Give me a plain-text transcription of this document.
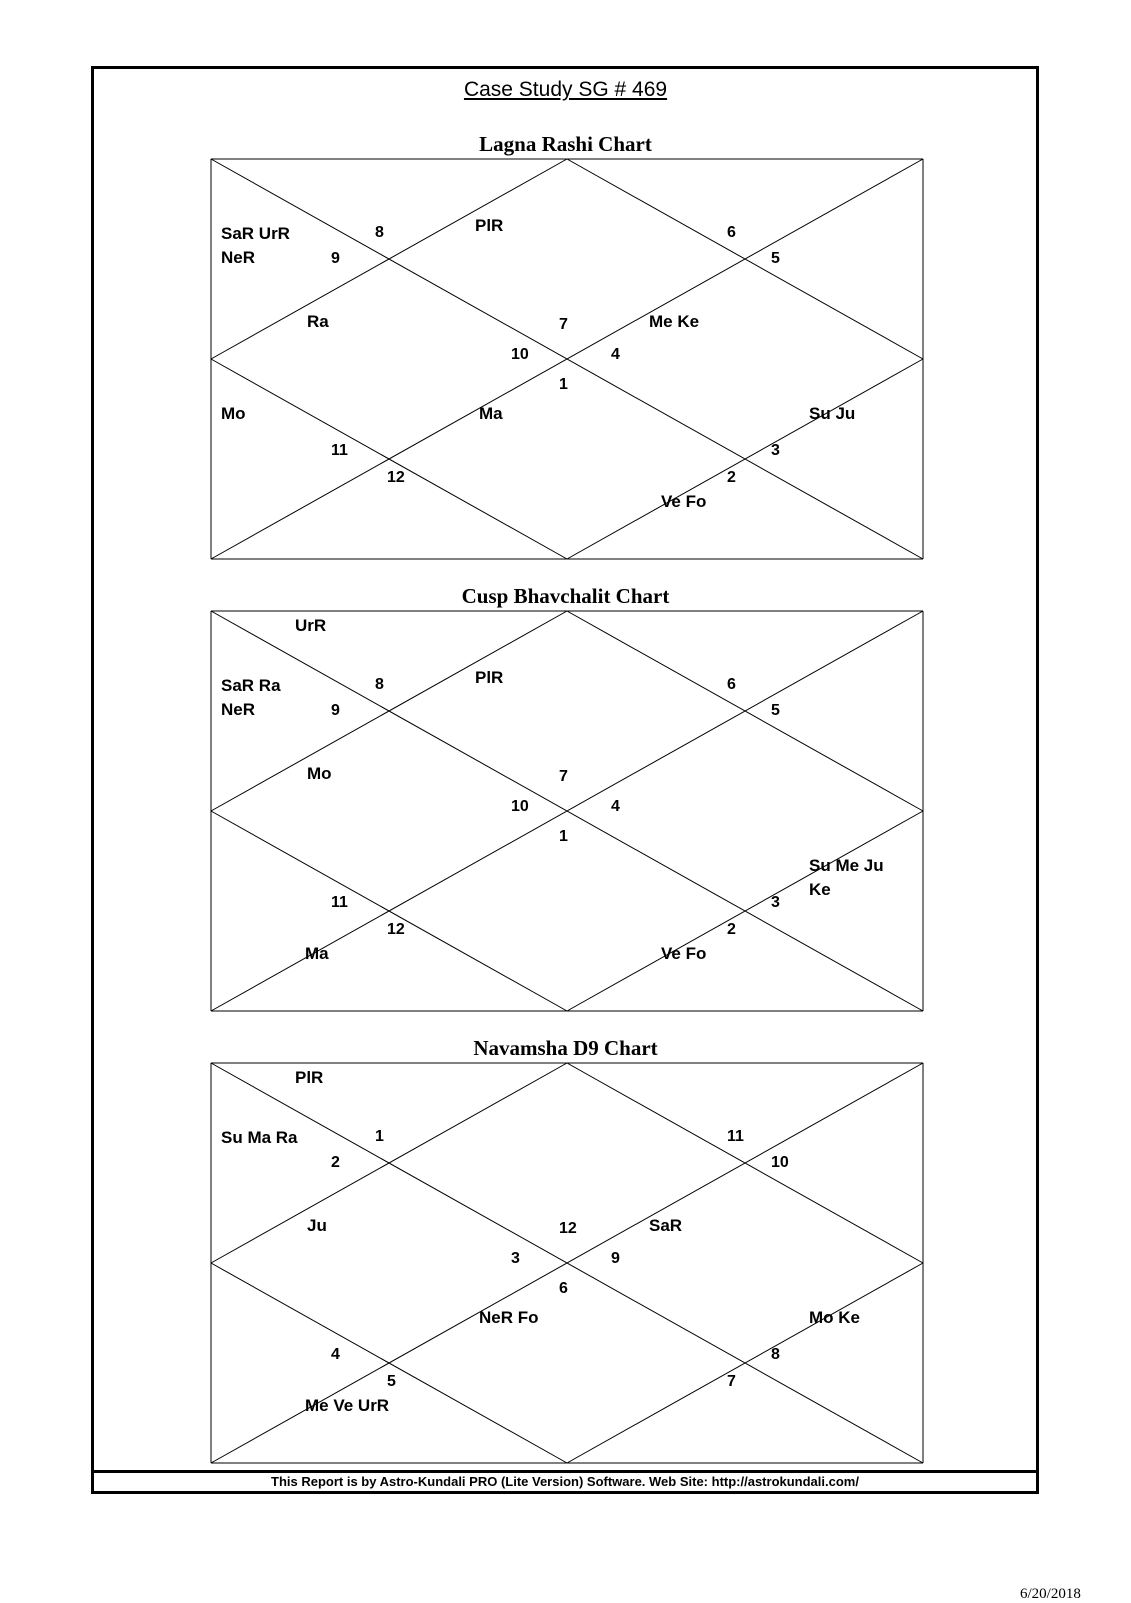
Case Study SG # 469
Lagna Rashi Chart
1
2
3
4
5
6
7
8
9
10
11
12
Ma
Ve Fo
Su Ju
Me Ke
PlR
SaR UrR
NeR
Ra
Mo
Cusp Bhavchalit Chart
1
2
3
4
5
6
7
8
9
10
11
12
Ve Fo
Su Me Ju
Ke
PlR
UrR
SaR Ra
NeR
Mo
Ma
Navamsha D9 Chart
6
7
8
9
10
11
12
1
2
3
4
5
NeR Fo	Mo Ke
SaR
PlR
Su Ma Ra
Ju
Me Ve UrR
This Report is by Astro-Kundali PRO (Lite Version) Software. Web Site: http://astrokundali.com/
6/20/2018
